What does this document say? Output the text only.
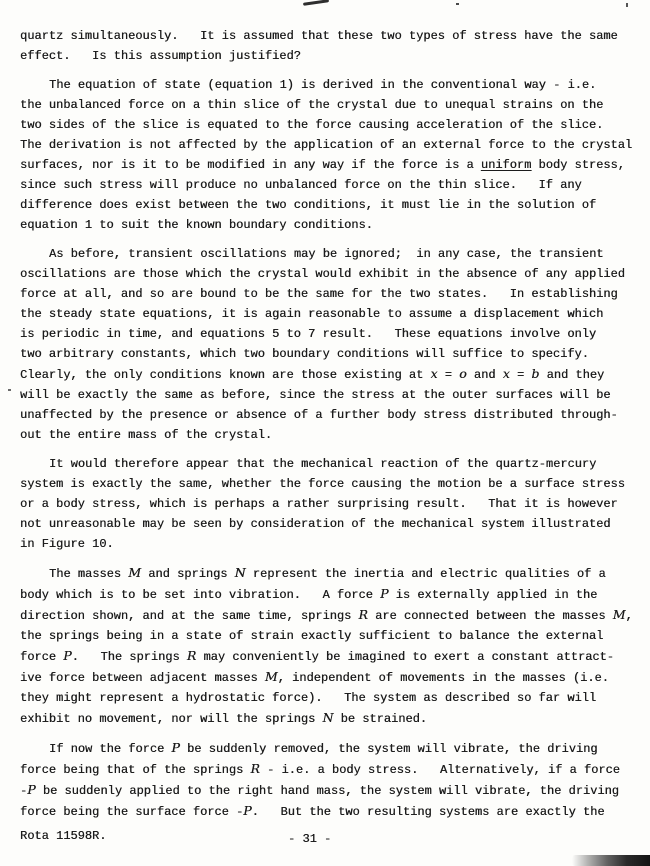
quartz simultaneously.   It is assumed that these two types of stress have the same
effect.   Is this assumption justified?
The equation of state (equation 1) is derived in the conventional way - i.e.
the unbalanced force on a thin slice of the crystal due to unequal strains on the
two sides of the slice is equated to the force causing acceleration of the slice.
The derivation is not affected by the application of an external force to the crystal
surfaces, nor is it to be modified in any way if the force is a uniform body stress,
since such stress will produce no unbalanced force on the thin slice.   If any
difference does exist between the two conditions, it must lie in the solution of
equation 1 to suit the known boundary conditions.
As before, transient oscillations may be ignored;  in any case, the transient
oscillations are those which the crystal would exhibit in the absence of any applied
force at all, and so are bound to be the same for the two states.   In establishing
the steady state equations, it is again reasonable to assume a displacement which
is periodic in time, and equations 5 to 7 result.   These equations involve only
two arbitrary constants, which two boundary conditions will suffice to specify.
Clearly, the only conditions known are those existing at x = o and x = b and they
will be exactly the same as before, since the stress at the outer surfaces will be
unaffected by the presence or absence of a further body stress distributed through-
out the entire mass of the crystal.
It would therefore appear that the mechanical reaction of the quartz-mercury
system is exactly the same, whether the force causing the motion be a surface stress
or a body stress, which is perhaps a rather surprising result.   That it is however
not unreasonable may be seen by consideration of the mechanical system illustrated
in Figure 10.
The masses M and springs N represent the inertia and electric qualities of a
body which is to be set into vibration.   A force P is externally applied in the
direction shown, and at the same time, springs R are connected between the masses M,
the springs being in a state of strain exactly sufficient to balance the external
force P.   The springs R may conveniently be imagined to exert a constant attract-
ive force between adjacent masses M, independent of movements in the masses (i.e.
they might represent a hydrostatic force).   The system as described so far will
exhibit no movement, nor will the springs N be strained.
If now the force P be suddenly removed, the system will vibrate, the driving
force being that of the springs R - i.e. a body stress.   Alternatively, if a force
-P be suddenly applied to the right hand mass, the system will vibrate, the driving
force being the surface force -P.   But the two resulting systems are exactly the
Rota 11598R.	- 31 -
